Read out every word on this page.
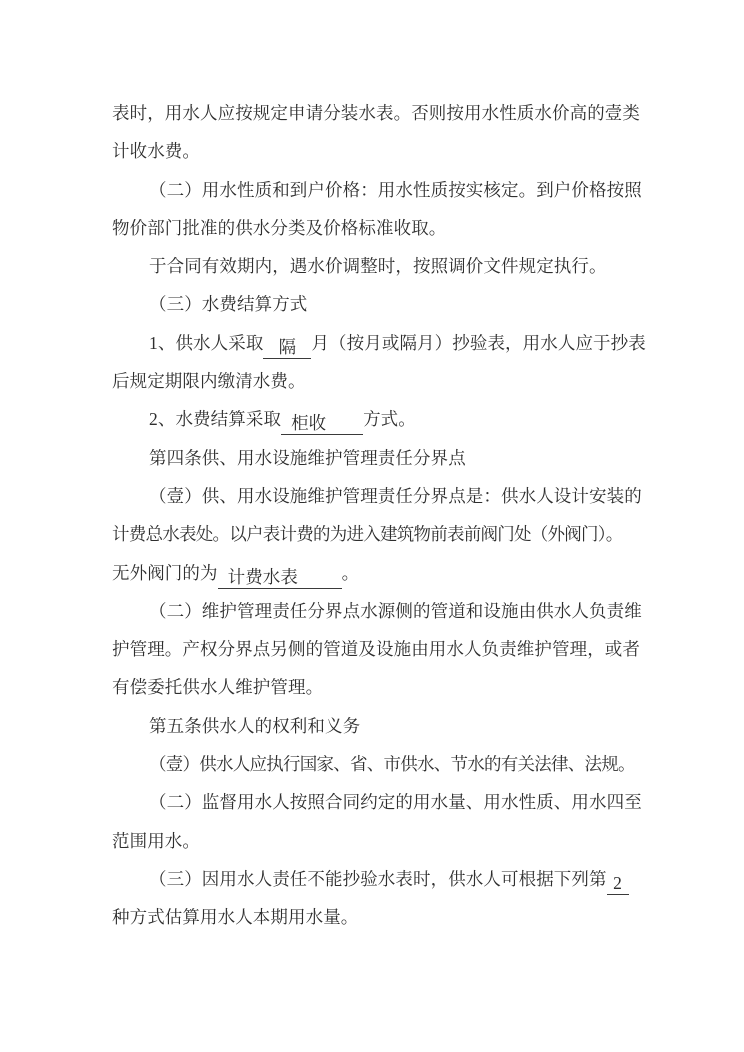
表时，用水人应按规定申请分装水表。否则按用水性质水价高的壹类
计收水费。
（二）用水性质和到户价格：用水性质按实核定。到户价格按照
物价部门批准的供水分类及价格标准收取。
于合同有效期内，遇水价调整时，按照调价文件规定执行。
（三）水费结算方式
1、供水人采取 隔 月（按月或隔月）抄验表，用水人应于抄表
后规定期限内缴清水费。
2、水费结算采取 柜收 方式。
第四条供、用水设施维护管理责任分界点
（壹）供、用水设施维护管理责任分界点是：供水人设计安装的
计费总水表处。以户表计费的为进入建筑物前表前阀门处（外阀门）。
无外阀门的为 计费水表 。
（二）维护管理责任分界点水源侧的管道和设施由供水人负责维
护管理。产权分界点另侧的管道及设施由用水人负责维护管理，或者
有偿委托供水人维护管理。
第五条供水人的权利和义务
（壹）供水人应执行国家、省、市供水、节水的有关法律、法规。
（二）监督用水人按照合同约定的用水量、用水性质、用水四至
范围用水。
（三）因用水人责任不能抄验水表时，供水人可根据下列第 2
种方式估算用水人本期用水量。
